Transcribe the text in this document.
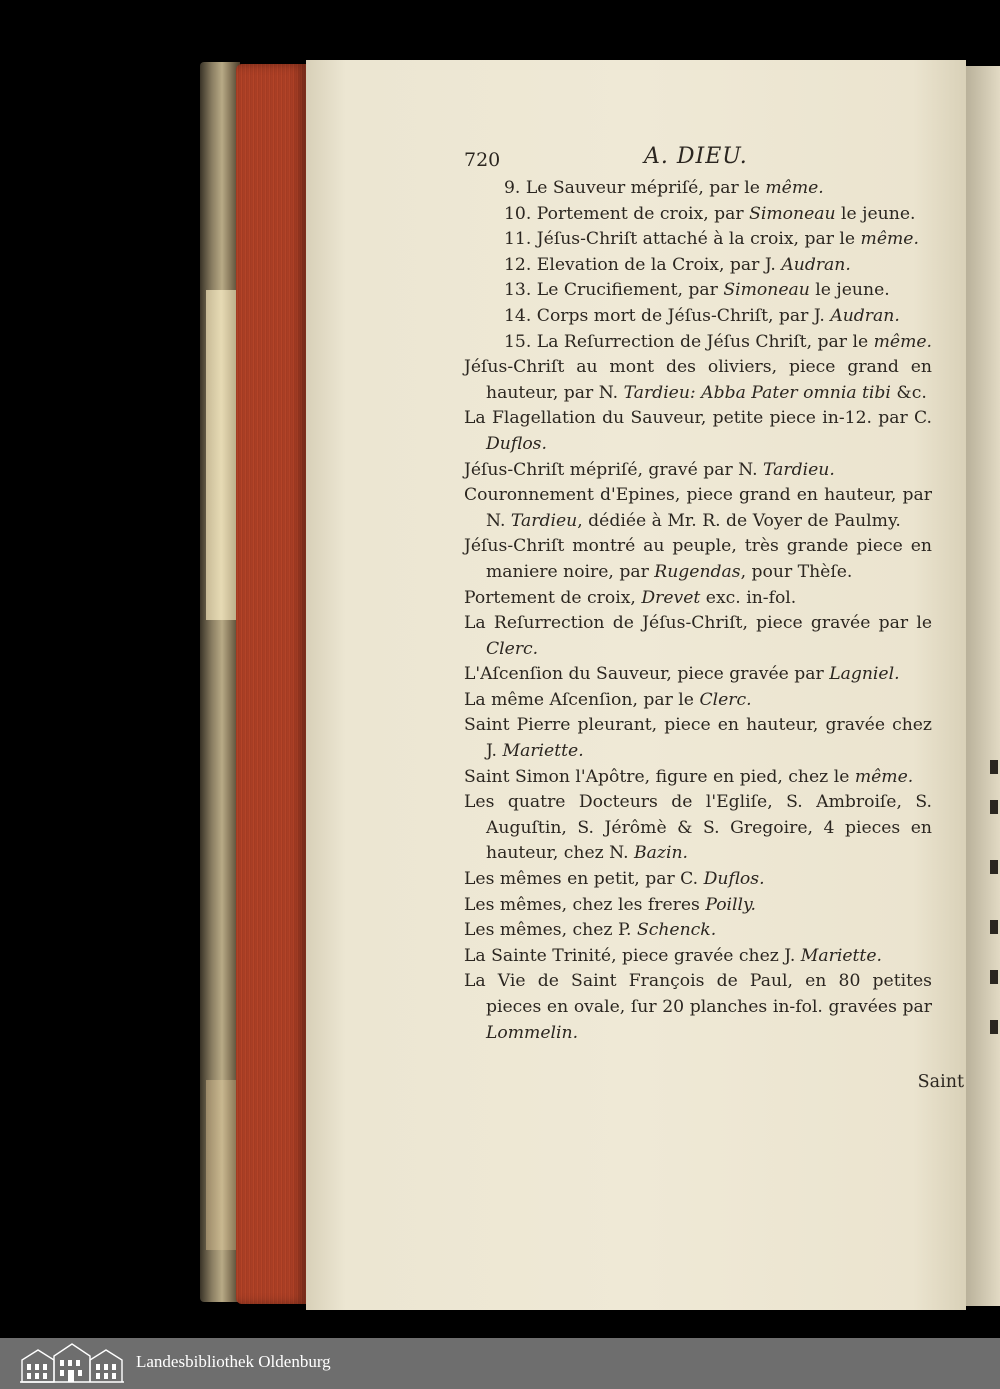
720	A. DIEU.
9. Le Sauveur mépriſé, par le même.
10. Portement de croix, par Simoneau le jeune.
11. Jéſus-Chriſt attaché à la croix, par le même.
12. Elevation de la Croix, par J. Audran.
13. Le Crucifiement, par Simoneau le jeune.
14. Corps mort de Jéſus-Chriſt, par J. Audran.
15. La Reſurrection de Jéſus Chriſt, par le même.
Jéſus-Chriſt au mont des oliviers, piece grand en hauteur, par N. Tardieu: Abba Pater omnia tibi &c.
La Flagellation du Sauveur, petite piece in-12. par C. Duflos.
Jéſus-Chriſt mépriſé, gravé par N. Tardieu.
Couronnement d'Epines, piece grand en hauteur, par N. Tardieu, dédiée à Mr. R. de Voyer de Paulmy.
Jéſus-Chriſt montré au peuple, très grande piece en maniere noire, par Rugendas, pour Thèſe.
Portement de croix, Drevet exc. in-fol.
La Reſurrection de Jéſus-Chriſt, piece gravée par le Clerc.
L'Aſcenſion du Sauveur, piece gravée par Lagniel.
La même Aſcenſion, par le Clerc.
Saint Pierre pleurant, piece en hauteur, gravée chez J. Mariette.
Saint Simon l'Apôtre, figure en pied, chez le même.
Les quatre Docteurs de l'Egliſe, S. Ambroiſe, S. Auguſtin, S. Jérômè & S. Gregoire, 4 pieces en hauteur, chez N. Bazin.
Les mêmes en petit, par C. Duflos.
Les mêmes, chez les freres Poilly.
Les mêmes, chez P. Schenck.
La Sainte Trinité, piece gravée chez J. Mariette.
La Vie de Saint François de Paul, en 80 petites pieces en ovale, ſur 20 planches in-fol. gravées par Lommelin.
Saint
Landesbibliothek Oldenburg
